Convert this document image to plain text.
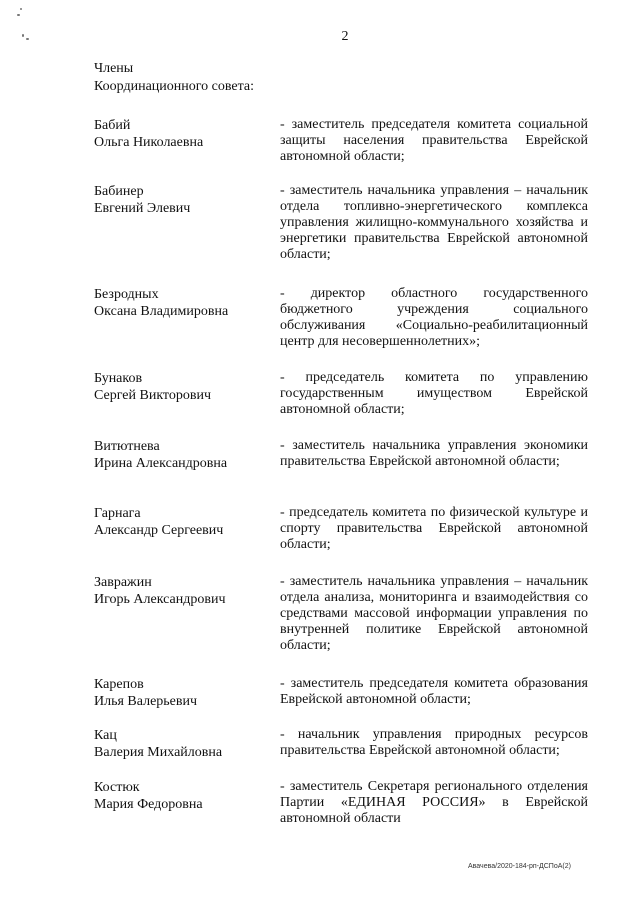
2
Члены
Координационного совета:
Бабий
Ольга Николаевна
- заместитель председателя комитета социальной защиты населения правительства Еврейской автономной области;
Бабинер
Евгений Элевич
- заместитель начальника управления – начальник отдела топливно-энергетического комплекса управления жилищно-коммунального хозяйства и энергетики правительства Еврейской автономной области;
Безродных
Оксана Владимировна
- директор областного государственного бюджетного учреждения социального обслуживания «Социально-реабилитационный центр для несовершеннолетних»;
Бунаков
Сергей Викторович
- председатель комитета по управлению государственным имуществом Еврейской автономной области;
Витютнева
Ирина Александровна
- заместитель начальника управления экономики правительства Еврейской автономной области;
Гарнага
Александр Сергеевич
- председатель комитета по физической культуре и спорту правительства Еврейской автономной области;
Завражин
Игорь Александрович
- заместитель начальника управления – начальник отдела анализа, мониторинга и взаимодействия со средствами массовой информации управления по внутренней политике Еврейской автономной области;
Карепов
Илья Валерьевич
- заместитель председателя комитета образования Еврейской автономной области;
Кац
Валерия Михайловна
- начальник управления природных ресурсов правительства Еврейской автономной области;
Костюк
Мария Федоровна
- заместитель Секретаря регионального отделения Партии «ЕДИНАЯ РОССИЯ» в Еврейской автономной области
Авачева/2020-184-рп-ДСПоА(2)
